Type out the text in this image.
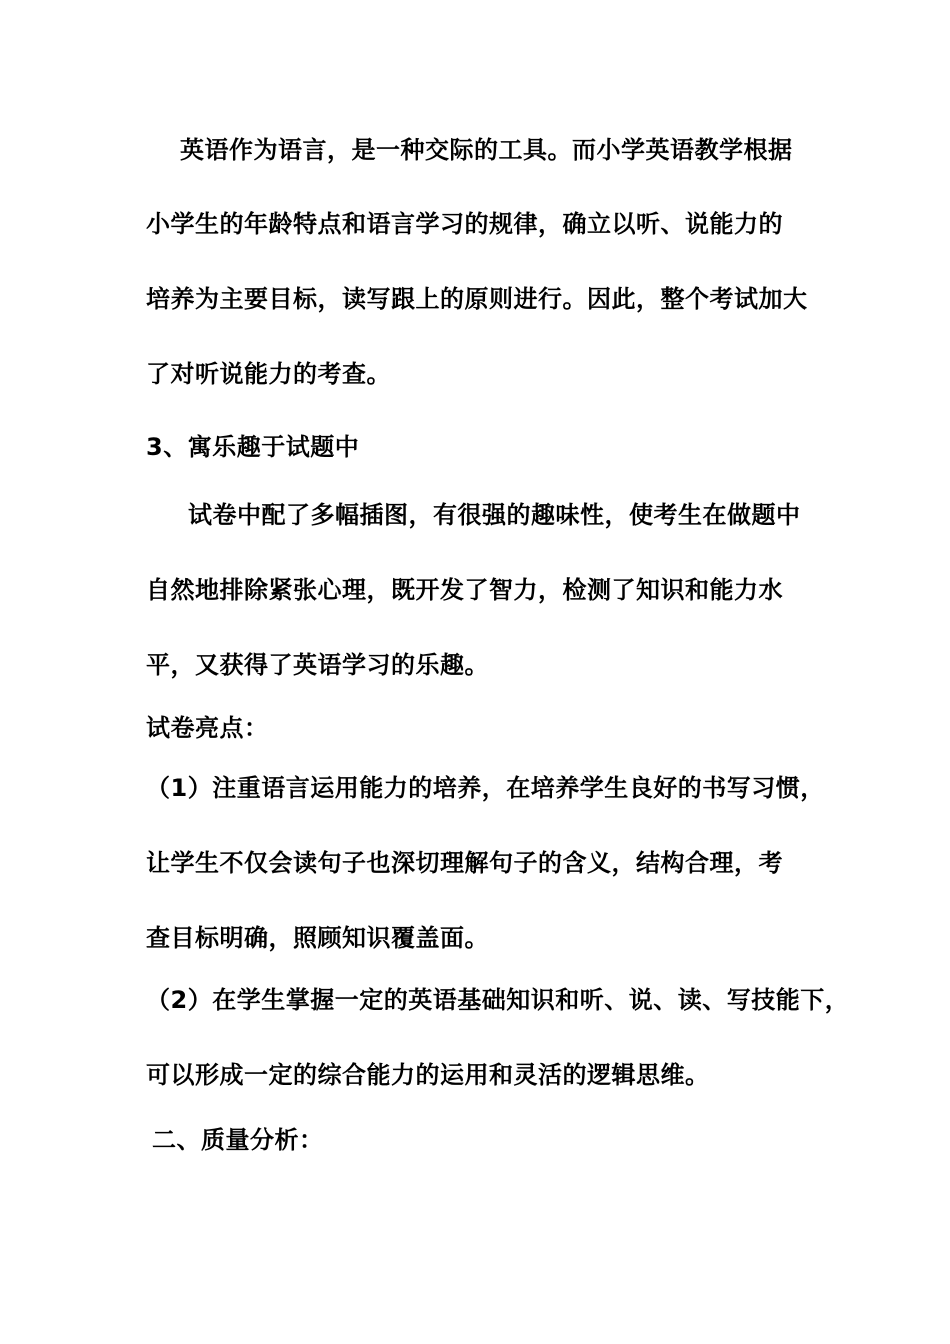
英语作为语言，是一种交际的工具。而小学英语教学根据
小学生的年龄特点和语言学习的规律，确立以听、说能力的
培养为主要目标，读写跟上的原则进行。因此，整个考试加大
了对听说能力的考查。
3、寓乐趣于试题中
试卷中配了多幅插图，有很强的趣味性，使考生在做题中
自然地排除紧张心理，既开发了智力，检测了知识和能力水
平，又获得了英语学习的乐趣。
试卷亮点：
（1）注重语言运用能力的培养，在培养学生良好的书写习惯，
让学生不仅会读句子也深切理解句子的含义，结构合理，考
查目标明确，照顾知识覆盖面。
（2）在学生掌握一定的英语基础知识和听、说、读、写技能下，
可以形成一定的综合能力的运用和灵活的逻辑思维。
二、质量分析：
